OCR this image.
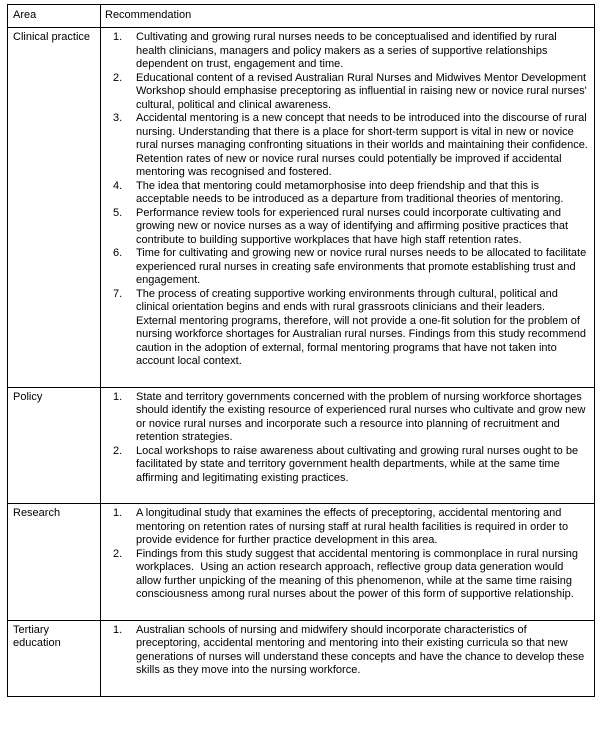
Area	Recommendation
Clinical practice	1.	Cultivating and growing rural nurses needs to be conceptualised and identified by rural health clinicians, managers and policy makers as a series of supportive relationships dependent on trust, engagement and time.
2.	Educational content of a revised Australian Rural Nurses and Midwives Mentor Development Workshop should emphasise preceptoring as influential in raising new or novice rural nurses' cultural, political and clinical awareness.
3.	Accidental mentoring is a new concept that needs to be introduced into the discourse of rural nursing. Understanding that there is a place for short-term support is vital in new or novice rural nurses managing confronting situations in their worlds and maintaining their confidence.  Retention rates of new or novice rural nurses could potentially be improved if accidental mentoring was recognised and fostered.
4.	The idea that mentoring could metamorphosise into deep friendship and that this is acceptable needs to be introduced as a departure from traditional theories of mentoring.
5.	Performance review tools for experienced rural nurses could incorporate cultivating and growing new or novice nurses as a way of identifying and affirming positive practices that contribute to building supportive workplaces that have high staff retention rates.
6.	Time for cultivating and growing new or novice rural nurses needs to be allocated to facilitate experienced rural nurses in creating safe environments that promote establishing trust and engagement.
7.	The process of creating supportive working environments through cultural, political and clinical orientation begins and ends with rural grassroots clinicians and their leaders. External mentoring programs, therefore, will not provide a one-fit solution for the problem of nursing workforce shortages for Australian rural nurses. Findings from this study recommend caution in the adoption of external, formal mentoring programs that have not taken into account local context.

Policy	1. State and territory governments concerned with the problem of nursing workforce shortages should identify the existing resource of experienced rural nurses who cultivate and grow new or novice rural nurses and incorporate such a resource into planning of recruitment and retention strategies.
2. Local workshops to raise awareness about cultivating and growing rural nurses ought to be facilitated by state and territory government health departments, while at the same time affirming and legitimating existing practices.

Research	1. A longitudinal study that examines the effects of preceptoring, accidental mentoring and mentoring on retention rates of nursing staff at rural health facilities is required in order to provide evidence for further practice development in this area.
2. Findings from this study suggest that accidental mentoring is commonplace in rural nursing workplaces.  Using an action research approach, reflective group data generation would allow further unpicking of the meaning of this phenomenon, while at the same time raising consciousness among rural nurses about the power of this form of supportive relationship.

Tertiary education	1. Australian schools of nursing and midwifery should incorporate characteristics of preceptoring, accidental mentoring and mentoring into their existing curricula so that new generations of nurses will understand these concepts and have the chance to develop these skills as they move into the nursing workforce.
